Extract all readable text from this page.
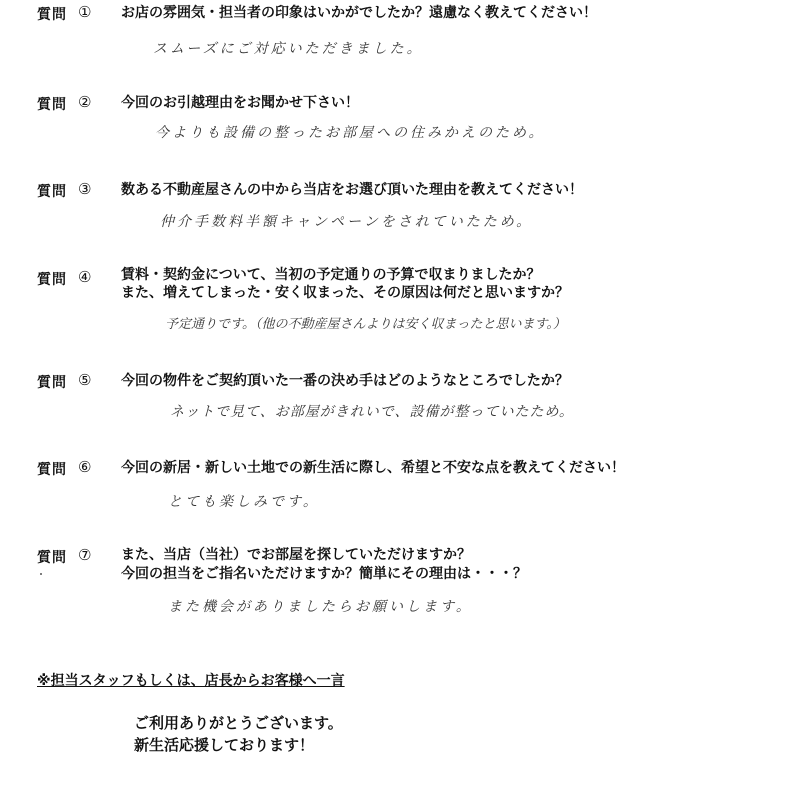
質問 ① お店の雰囲気・担当者の印象はいかがでしたか？遠慮なく教えてください！
スムーズにご対応いただきました。
質問 ② 今回のお引越理由をお聞かせ下さい！
今よりも設備の整ったお部屋への住みかえのため。
質問 ③ 数ある不動産屋さんの中から当店をお選び頂いた理由を教えてください！
仲介手数料半額キャンペーンをされていたため。
質問 ④ 賃料・契約金について、当初の予定通りの予算で収まりましたか？
また、増えてしまった・安く収まった、その原因は何だと思いますか？
予定通りです。（他の不動産屋さんよりは安く収まったと思います。）
質問 ⑤ 今回の物件をご契約頂いた一番の決め手はどのようなところでしたか？
ネットで見て、お部屋がきれいで、設備が整っていたため。
質問 ⑥ 今回の新居・新しい土地での新生活に際し、希望と不安な点を教えてください！
とても楽しみです。
質問 ⑦ また、当店（当社）でお部屋を探していただけますか？
今回の担当をご指名いただけますか？簡単にその理由は・・・？
また機会がありましたらお願いします。
※担当スタッフもしくは、店長からお客様へ一言
ご利用ありがとうございます。
新生活応援しております！
